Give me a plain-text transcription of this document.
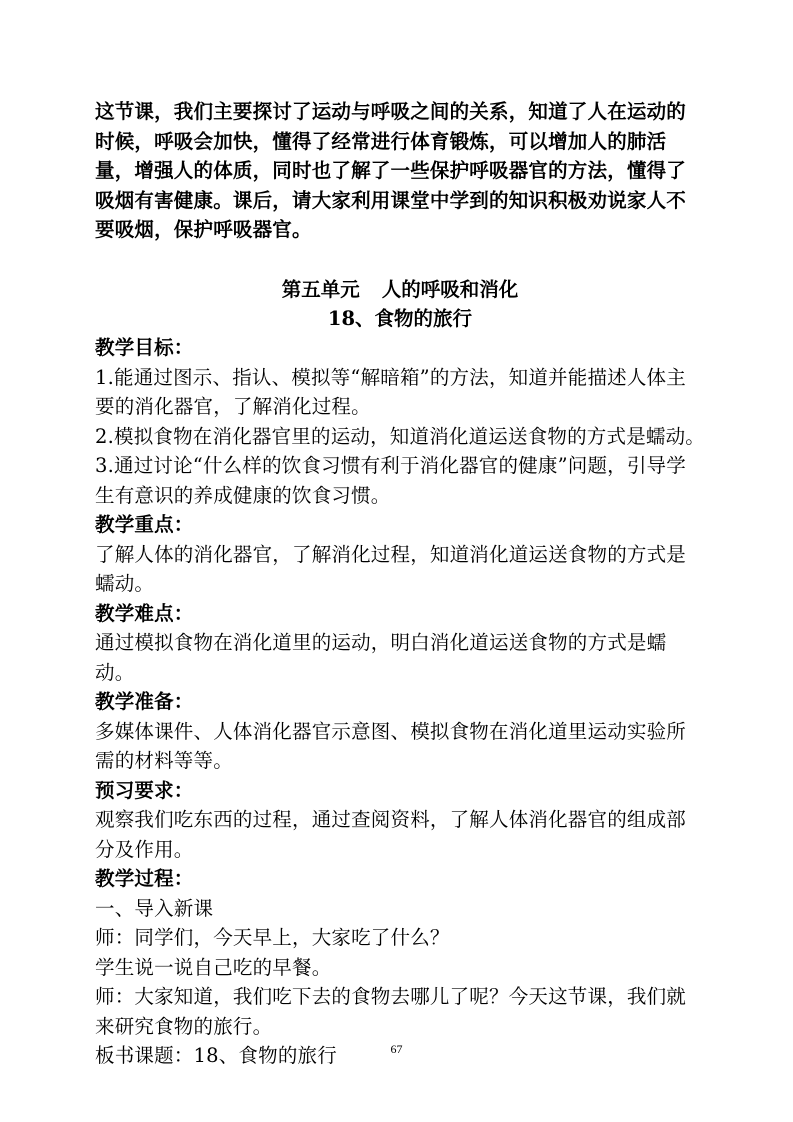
这节课，我们主要探讨了运动与呼吸之间的关系，知道了人在运动的时候，呼吸会加快，懂得了经常进行体育锻炼，可以增加人的肺活量，增强人的体质，同时也了解了一些保护呼吸器官的方法，懂得了吸烟有害健康。课后，请大家利用课堂中学到的知识积极劝说家人不要吸烟，保护呼吸器官。

第五单元 人的呼吸和消化
18、食物的旅行

教学目标：

1.能通过图示、指认、模拟等“解暗箱”的方法，知道并能描述人体主要的消化器官，了解消化过程。

2.模拟食物在消化器官里的运动，知道消化道运送食物的方式是蠕动。

3.通过讨论“什么样的饮食习惯有利于消化器官的健康”问题，引导学生有意识的养成健康的饮食习惯。

教学重点：

了解人体的消化器官，了解消化过程，知道消化道运送食物的方式是蠕动。

教学难点：

通过模拟食物在消化道里的运动，明白消化道运送食物的方式是蠕动。

教学准备：

多媒体课件、人体消化器官示意图、模拟食物在消化道里运动实验所需的材料等等。

预习要求：

观察我们吃东西的过程，通过查阅资料，了解人体消化器官的组成部分及作用。

教学过程：

一、导入新课

师：同学们，今天早上，大家吃了什么？

学生说一说自己吃的早餐。

师：大家知道，我们吃下去的食物去哪儿了呢？今天这节课，我们就来研究食物的旅行。

板书课题：18、食物的旅行	67
